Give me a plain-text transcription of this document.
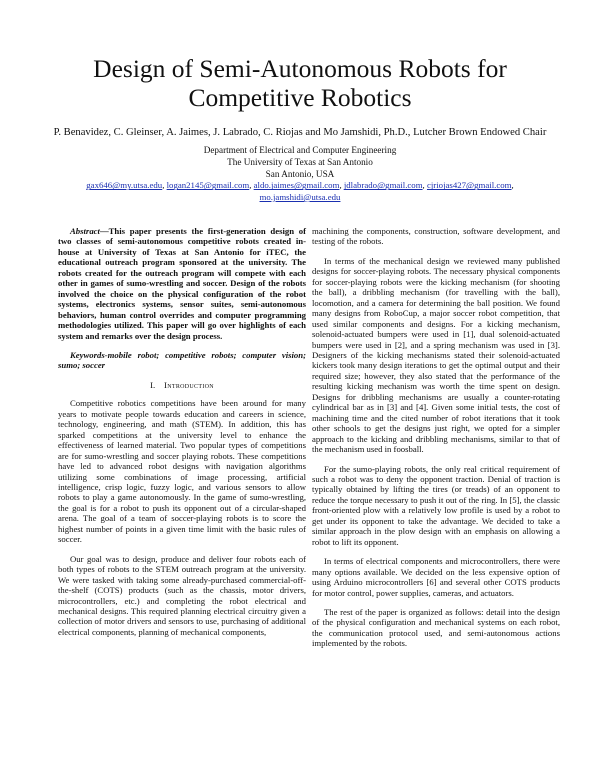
Design of Semi-Autonomous Robots for Competitive Robotics
P. Benavidez, C. Gleinser, A. Jaimes, J. Labrado, C. Riojas and Mo Jamshidi, Ph.D., Lutcher Brown Endowed Chair
Department of Electrical and Computer Engineering
The University of Texas at San Antonio
San Antonio, USA
gax646@my.utsa.edu, logan2145@gmail.com, aldo.jaimes@gmail.com, jdlabrado@gmail.com, cjriojas427@gmail.com,
mo.jamshidi@utsa.edu

Abstract—This paper presents the first-generation design of two classes of semi-autonomous competitive robots created in-house at University of Texas at San Antonio for iTEC, the educational outreach program sponsored at the university. The robots created for the outreach program will compete with each other in games of sumo-wrestling and soccer. Design of the robots involved the choice on the physical configuration of the robot systems, electronics systems, sensor suites, semi-autonomous behaviors, human control overrides and computer programming methodologies utilized. This paper will go over highlights of each system and remarks over the design process.

Keywords-mobile robot; competitive robots; computer vision; sumo; soccer

I. Introduction

Competitive robotics competitions have been around for many years to motivate people towards education and careers in science, technology, engineering, and math (STEM). In addition, this has sparked competitions at the university level to enhance the effectiveness of learned material. Two popular types of competitions are for sumo-wrestling and soccer playing robots. These competitions have led to advanced robot designs with navigation algorithms utilizing some combinations of image processing, artificial intelligence, crisp logic, fuzzy logic, and various sensors to allow robots to play a game autonomously. In the game of sumo-wrestling, the goal is for a robot to push its opponent out of a circular-shaped arena. The goal of a team of soccer-playing robots is to score the highest number of points in a given time limit with the basic rules of soccer.

Our goal was to design, produce and deliver four robots each of both types of robots to the STEM outreach program at the university. We were tasked with taking some already-purchased commercial-off-the-shelf (COTS) products (such as the chassis, motor drivers, microcontrollers, etc.) and completing the robot electrical and mechanical designs. This required planning electrical circuitry given a collection of motor drivers and sensors to use, purchasing of additional electrical components, planning of mechanical components,

machining the components, construction, software development, and testing of the robots.

In terms of the mechanical design we reviewed many published designs for soccer-playing robots. The necessary physical components for soccer-playing robots were the kicking mechanism (for shooting the ball), a dribbling mechanism (for travelling with the ball), locomotion, and a camera for determining the ball position. We found many designs from RoboCup, a major soccer robot competition, that used similar components and designs. For a kicking mechanism, solenoid-actuated bumpers were used in [1], dual solenoid-actuated bumpers were used in [2], and a spring mechanism was used in [3]. Designers of the kicking mechanisms stated their solenoid-actuated kickers took many design iterations to get the optimal output and their required size; however, they also stated that the performance of the resulting kicking mechanism was worth the time spent on design. Designs for dribbling mechanisms are usually a counter-rotating cylindrical bar as in [3] and [4]. Given some initial tests, the cost of machining time and the cited number of robot iterations that it took other schools to get the designs just right, we opted for a simpler approach to the kicking and dribbling mechanisms, similar to that of the mechanism used in foosball.

For the sumo-playing robots, the only real critical requirement of such a robot was to deny the opponent traction. Denial of traction is typically obtained by lifting the tires (or treads) of an opponent to reduce the torque necessary to push it out of the ring. In [5], the classic front-oriented plow with a relatively low profile is used by a robot to get under its opponent to take the advantage. We decided to take a similar approach in the plow design with an emphasis on allowing a robot to lift its opponent.

In terms of electrical components and microcontrollers, there were many options available. We decided on the less expensive option of using Arduino microcontrollers [6] and several other COTS products for motor control, power supplies, cameras, and actuators.

The rest of the paper is organized as follows: detail into the design of the physical configuration and mechanical systems on each robot, the communication protocol used, and semi-autonomous actions implemented by the robots.
